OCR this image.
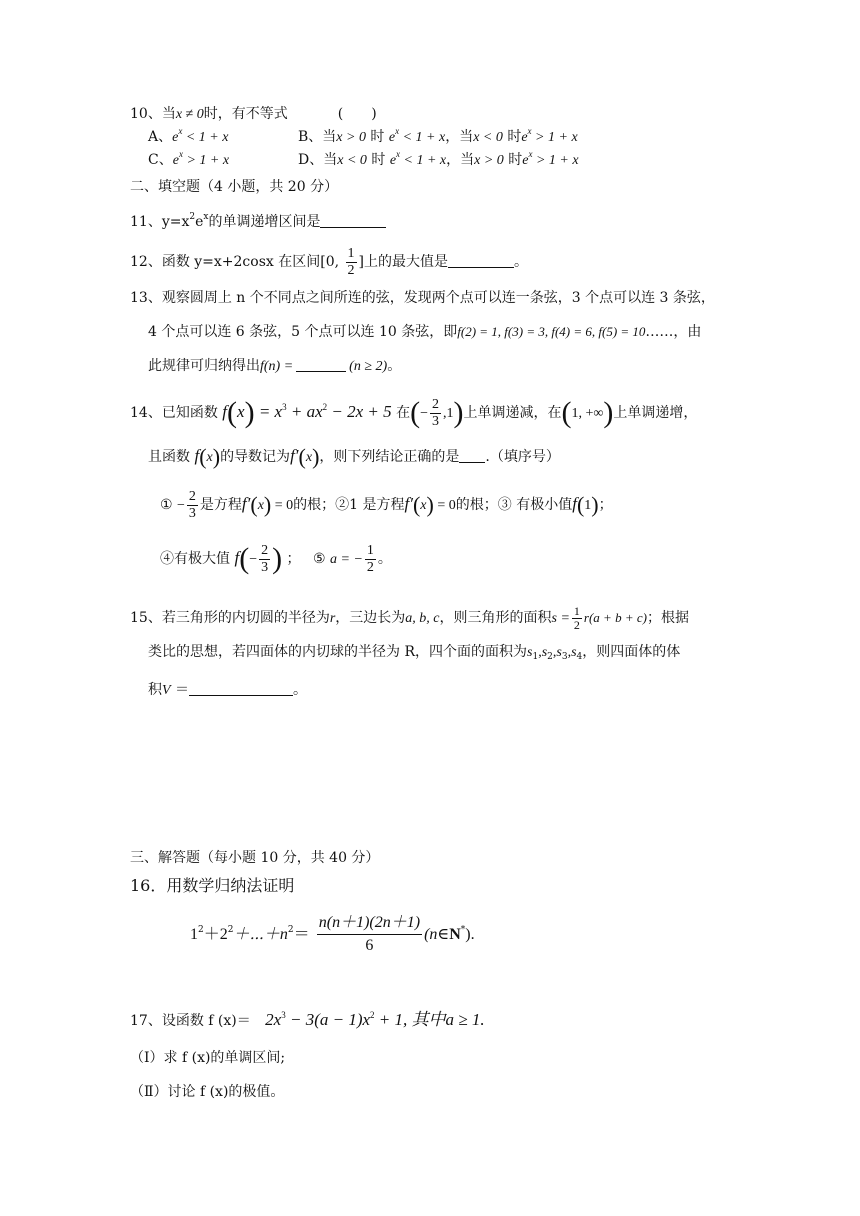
10、当x ≠ 0时，有不等式	(　　)
A、$e^x < 1 + x$	B、当x > 0 时 $e^x < 1 + x$，当x < 0 时$e^x > 1 + x$
C、$e^x > 1 + x$	D、当x < 0 时 $e^x < 1 + x$，当x > 0 时$e^x > 1 + x$
二、填空题（4 小题，共 20 分）
11、$y=x^2e^x$的单调递增区间是
12、函数 y=x+2cosx 在区间[0, $\frac{1}{2}$ ]上的最大值是	。
13、观察圆周上 n 个不同点之间所连的弦，发现两个点可以连一条弦，3 个点可以连 3 条弦，
4 个点可以连 6 条弦，5 个点可以连 10 条弦，即f(2) = 1, f(3) = 3, f(4) = 6, f(5) = 10……，由
此规律可归纳得出f(n) =	(n ≥ 2)。
14、已知函数 $f(x) = x^3 + ax^2 - 2x + 5$ 在(− $\frac{2}{3} ,1$)上单调递减，在(1, +∞)上单调递增，
且函数 f(x)的导数记为f′(x)，则下列结论正确的是 .（填序号）
① − $\frac{2}{3}$ 是方程f′(x) = 0的根；②1 是方程f′(x) = 0的根；③ 有极小值f(1)；
④有极大值 $f(- \frac{2}{3}$ ) ； ⑤ a = − $\frac{1}{2}$ 。
15、若三角形的内切圆的半径为r，三边长为a, b, c，则三角形的面积$s = \frac{1}{2} r(a + b + c)$；根据
类比的思想，若四面体的内切球的半径为 R，四个面的面积为$s_1,s_2,s_3,s_4$，则四面体的体
积V ＝	。
三、解答题（每小题 10 分，共 40 分）
16．用数学归纳法证明
$1^2+2^2+\cdots+n^2= \frac{n(n+1)(2n+1)}{6}$ (n∈N*).
17、设函数 f $(x)= 2x^3 - 3(a - 1)x^2 + 1$, 其中a ≥ 1.
（Ⅰ）求 f (x)的单调区间;
（Ⅱ）讨论 f (x)的极值。
